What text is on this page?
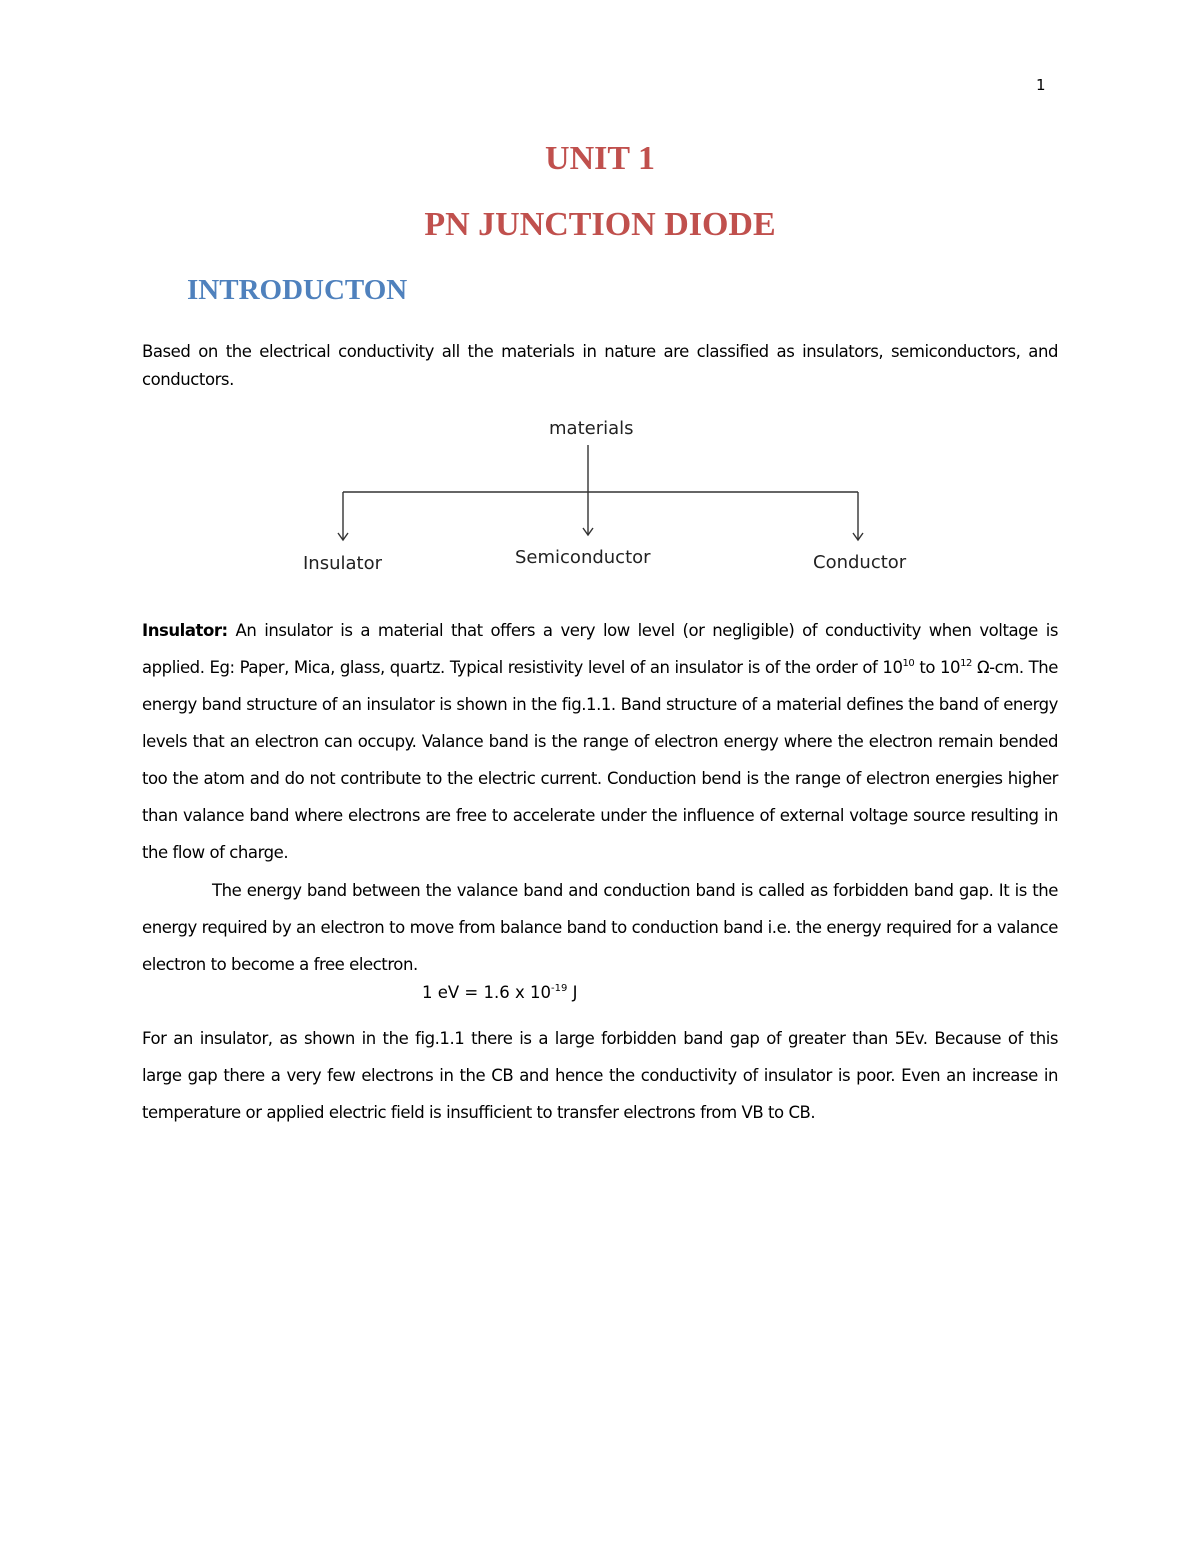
1
UNIT 1
PN JUNCTION DIODE
INTRODUCTON
Based on the electrical conductivity all the materials in nature are classified as insulators, semiconductors, and conductors.
materials
Insulator	Semiconductor	Conductor
Insulator: An insulator is a material that offers a very low level (or negligible) of conductivity when voltage is applied. Eg: Paper, Mica, glass, quartz. Typical resistivity level of an insulator is of the order of $10^{10}$ to $10^{12}$ Ω-cm. The energy band structure of an insulator is shown in the fig.1.1. Band structure of a material defines the band of energy levels that an electron can occupy. Valance band is the range of electron energy where the electron remain bended too the atom and do not contribute to the electric current. Conduction bend is the range of electron energies higher than valance band where electrons are free to accelerate under the influence of external voltage source resulting in the flow of charge.
The energy band between the valance band and conduction band is called as forbidden band gap. It is the energy required by an electron to move from balance band to conduction band i.e. the energy required for a valance electron to become a free electron.
1 eV = 1.6 x $10^{-19}$ J
For an insulator, as shown in the fig.1.1 there is a large forbidden band gap of greater than 5Ev. Because of this large gap there a very few electrons in the CB and hence the conductivity of insulator is poor. Even an increase in temperature or applied electric field is insufficient to transfer electrons from VB to CB.
